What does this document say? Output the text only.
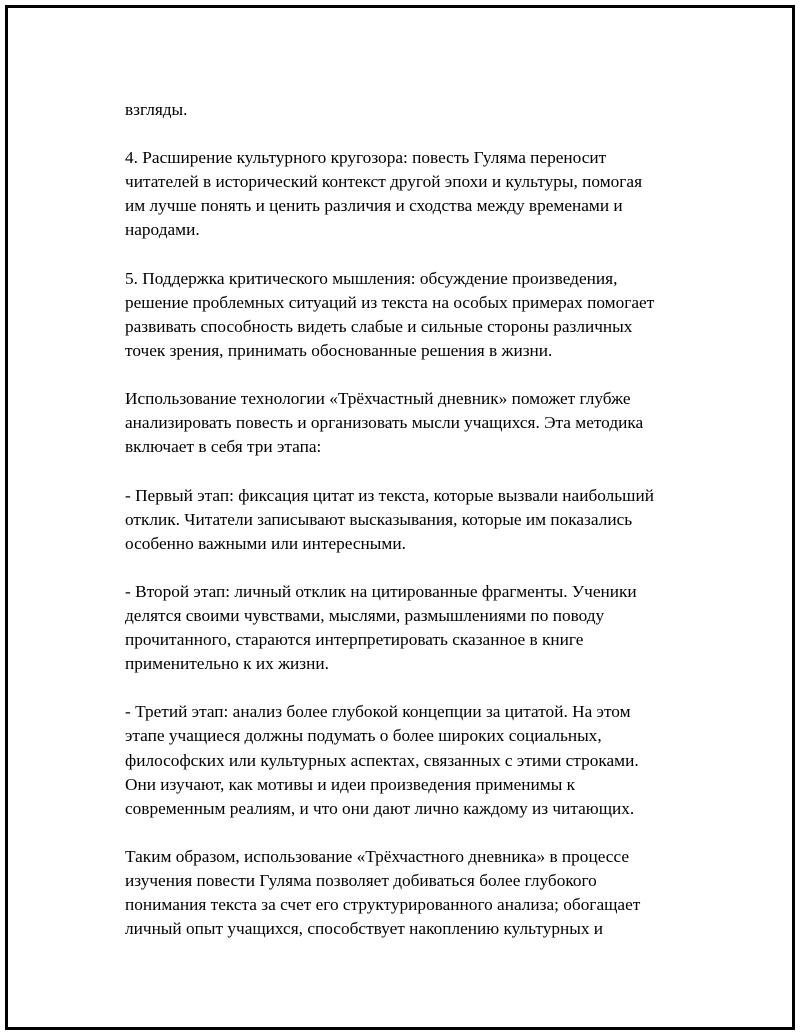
взгляды.

4. Расширение культурного кругозора: повесть Гуляма переносит
читателей в исторический контекст другой эпохи и культуры, помогая
им лучше понять и ценить различия и сходства между временами и
народами.

5. Поддержка критического мышления: обсуждение произведения,
решение проблемных ситуаций из текста на особых примерах помогает
развивать способность видеть слабые и сильные стороны различных
точек зрения, принимать обоснованные решения в жизни.

Использование технологии «Трёхчастный дневник» поможет глубже
анализировать повесть и организовать мысли учащихся. Эта методика
включает в себя три этапа:

- Первый этап: фиксация цитат из текста, которые вызвали наибольший
отклик. Читатели записывают высказывания, которые им показались
особенно важными или интересными.

- Второй этап: личный отклик на цитированные фрагменты. Ученики
делятся своими чувствами, мыслями, размышлениями по поводу
прочитанного, стараются интерпретировать сказанное в книге
применительно к их жизни.

- Третий этап: анализ более глубокой концепции за цитатой. На этом
этапе учащиеся должны подумать о более широких социальных,
философских или культурных аспектах, связанных с этими строками.
Они изучают, как мотивы и идеи произведения применимы к
современным реалиям, и что они дают лично каждому из читающих.

Таким образом, использование «Трёхчастного дневника» в процессе
изучения повести Гуляма позволяет добиваться более глубокого
понимания текста за счет его структурированного анализа; обогащает
личный опыт учащихся, способствует накоплению культурных и
